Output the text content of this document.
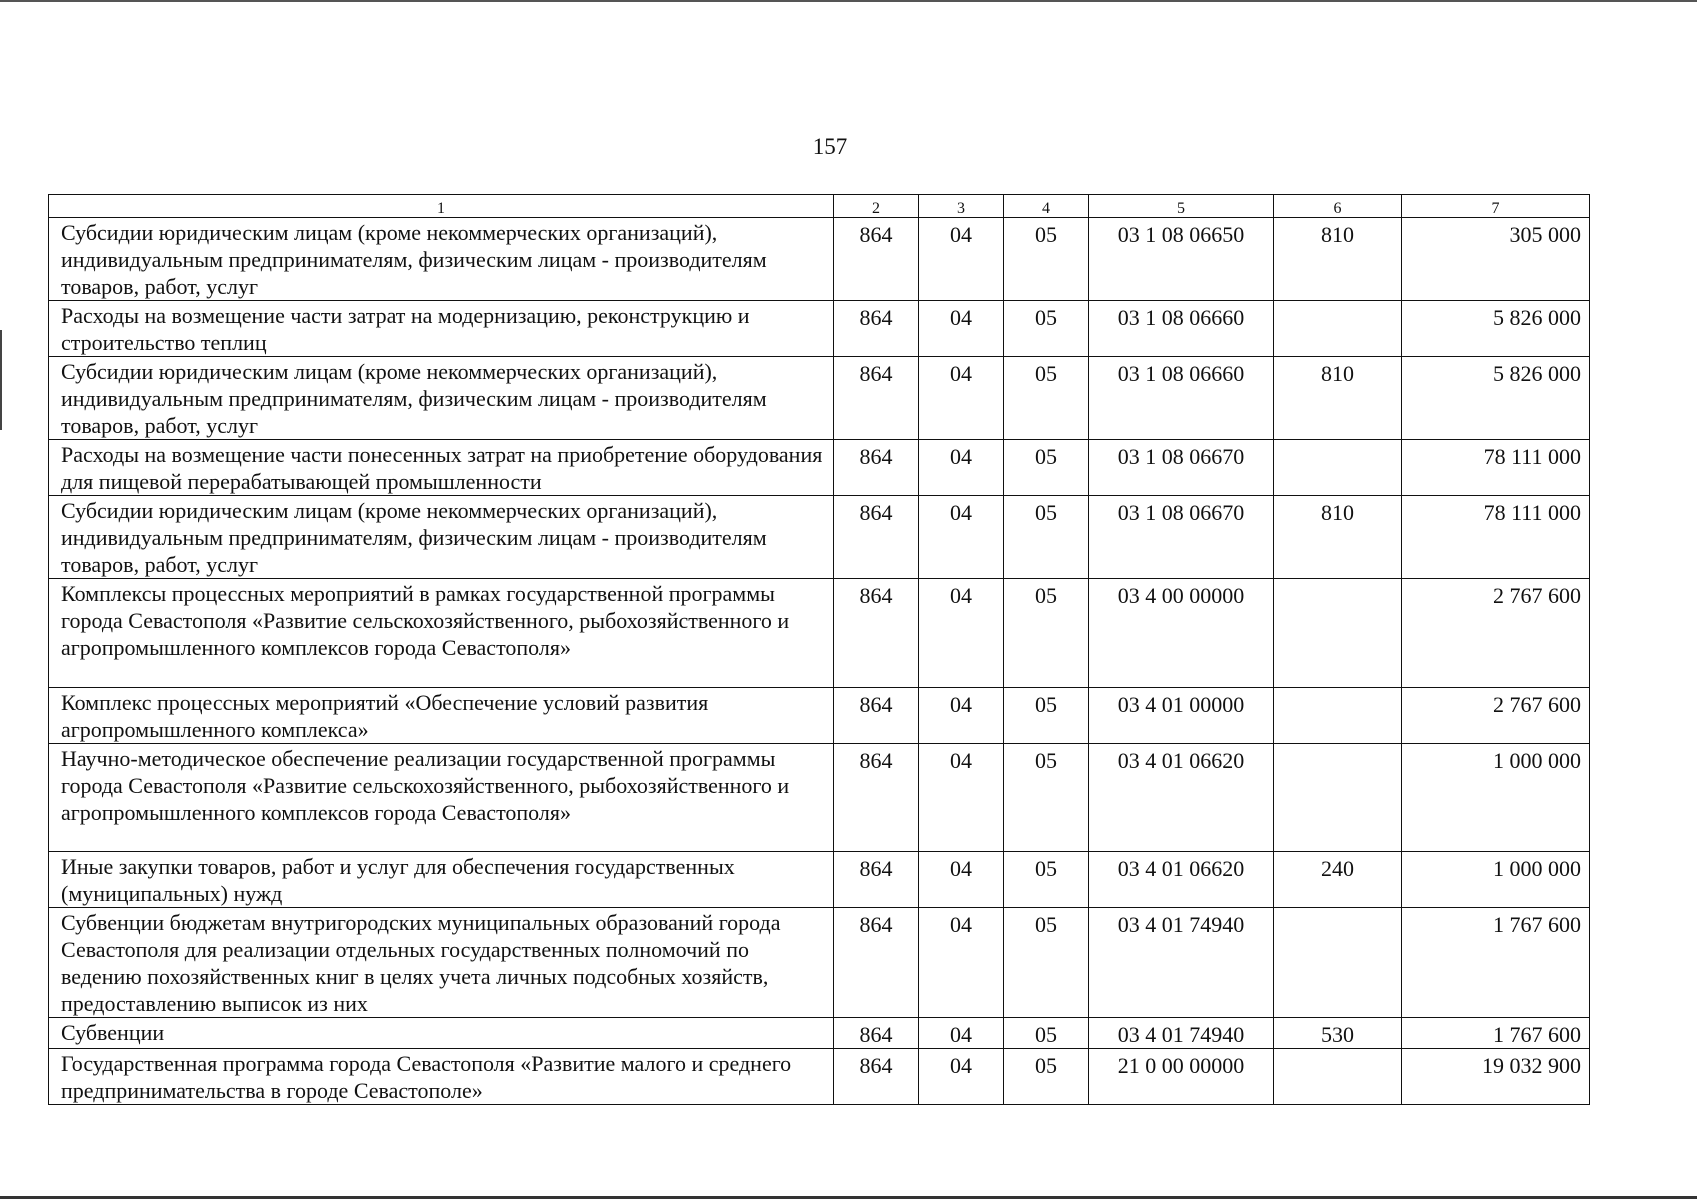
157
1	2	3	4	5	6	7
Субсидии юридическим лицам (кроме некоммерческих организаций), индивидуальным предпринимателям, физическим лицам - производителям товаров, работ, услуг	864	04	05	03 1 08 06650	810	305 000
Расходы на возмещение части затрат на модернизацию, реконструкцию и строительство теплиц	864	04	05	03 1 08 06660		5 826 000
Субсидии юридическим лицам (кроме некоммерческих организаций), индивидуальным предпринимателям, физическим лицам - производителям товаров, работ, услуг	864	04	05	03 1 08 06660	810	5 826 000
Расходы на возмещение части понесенных затрат на приобретение оборудования для пищевой перерабатывающей промышленности	864	04	05	03 1 08 06670		78 111 000
Субсидии юридическим лицам (кроме некоммерческих организаций), индивидуальным предпринимателям, физическим лицам - производителям товаров, работ, услуг	864	04	05	03 1 08 06670	810	78 111 000
Комплексы процессных мероприятий в рамках государственной программы города Севастополя «Развитие сельскохозяйственного, рыбохозяйственного и агропромышленного комплексов города Севастополя»	864	04	05	03 4 00 00000		2 767 600
Комплекс процессных мероприятий «Обеспечение условий развития агропромышленного комплекса»	864	04	05	03 4 01 00000		2 767 600
Научно-методическое обеспечение реализации государственной программы города Севастополя «Развитие сельскохозяйственного, рыбохозяйственного и агропромышленного комплексов города Севастополя»	864	04	05	03 4 01 06620		1 000 000
Иные закупки товаров, работ и услуг для обеспечения государственных (муниципальных) нужд	864	04	05	03 4 01 06620	240	1 000 000
Субвенции бюджетам внутригородских муниципальных образований города Севастополя для реализации отдельных государственных полномочий по ведению похозяйственных книг в целях учета личных подсобных хозяйств, предоставлению выписок из них	864	04	05	03 4 01 74940		1 767 600
Субвенции	864	04	05	03 4 01 74940	530	1 767 600
Государственная программа города Севастополя «Развитие малого и среднего предпринимательства в городе Севастополе»	864	04	05	21 0 00 00000		19 032 900
